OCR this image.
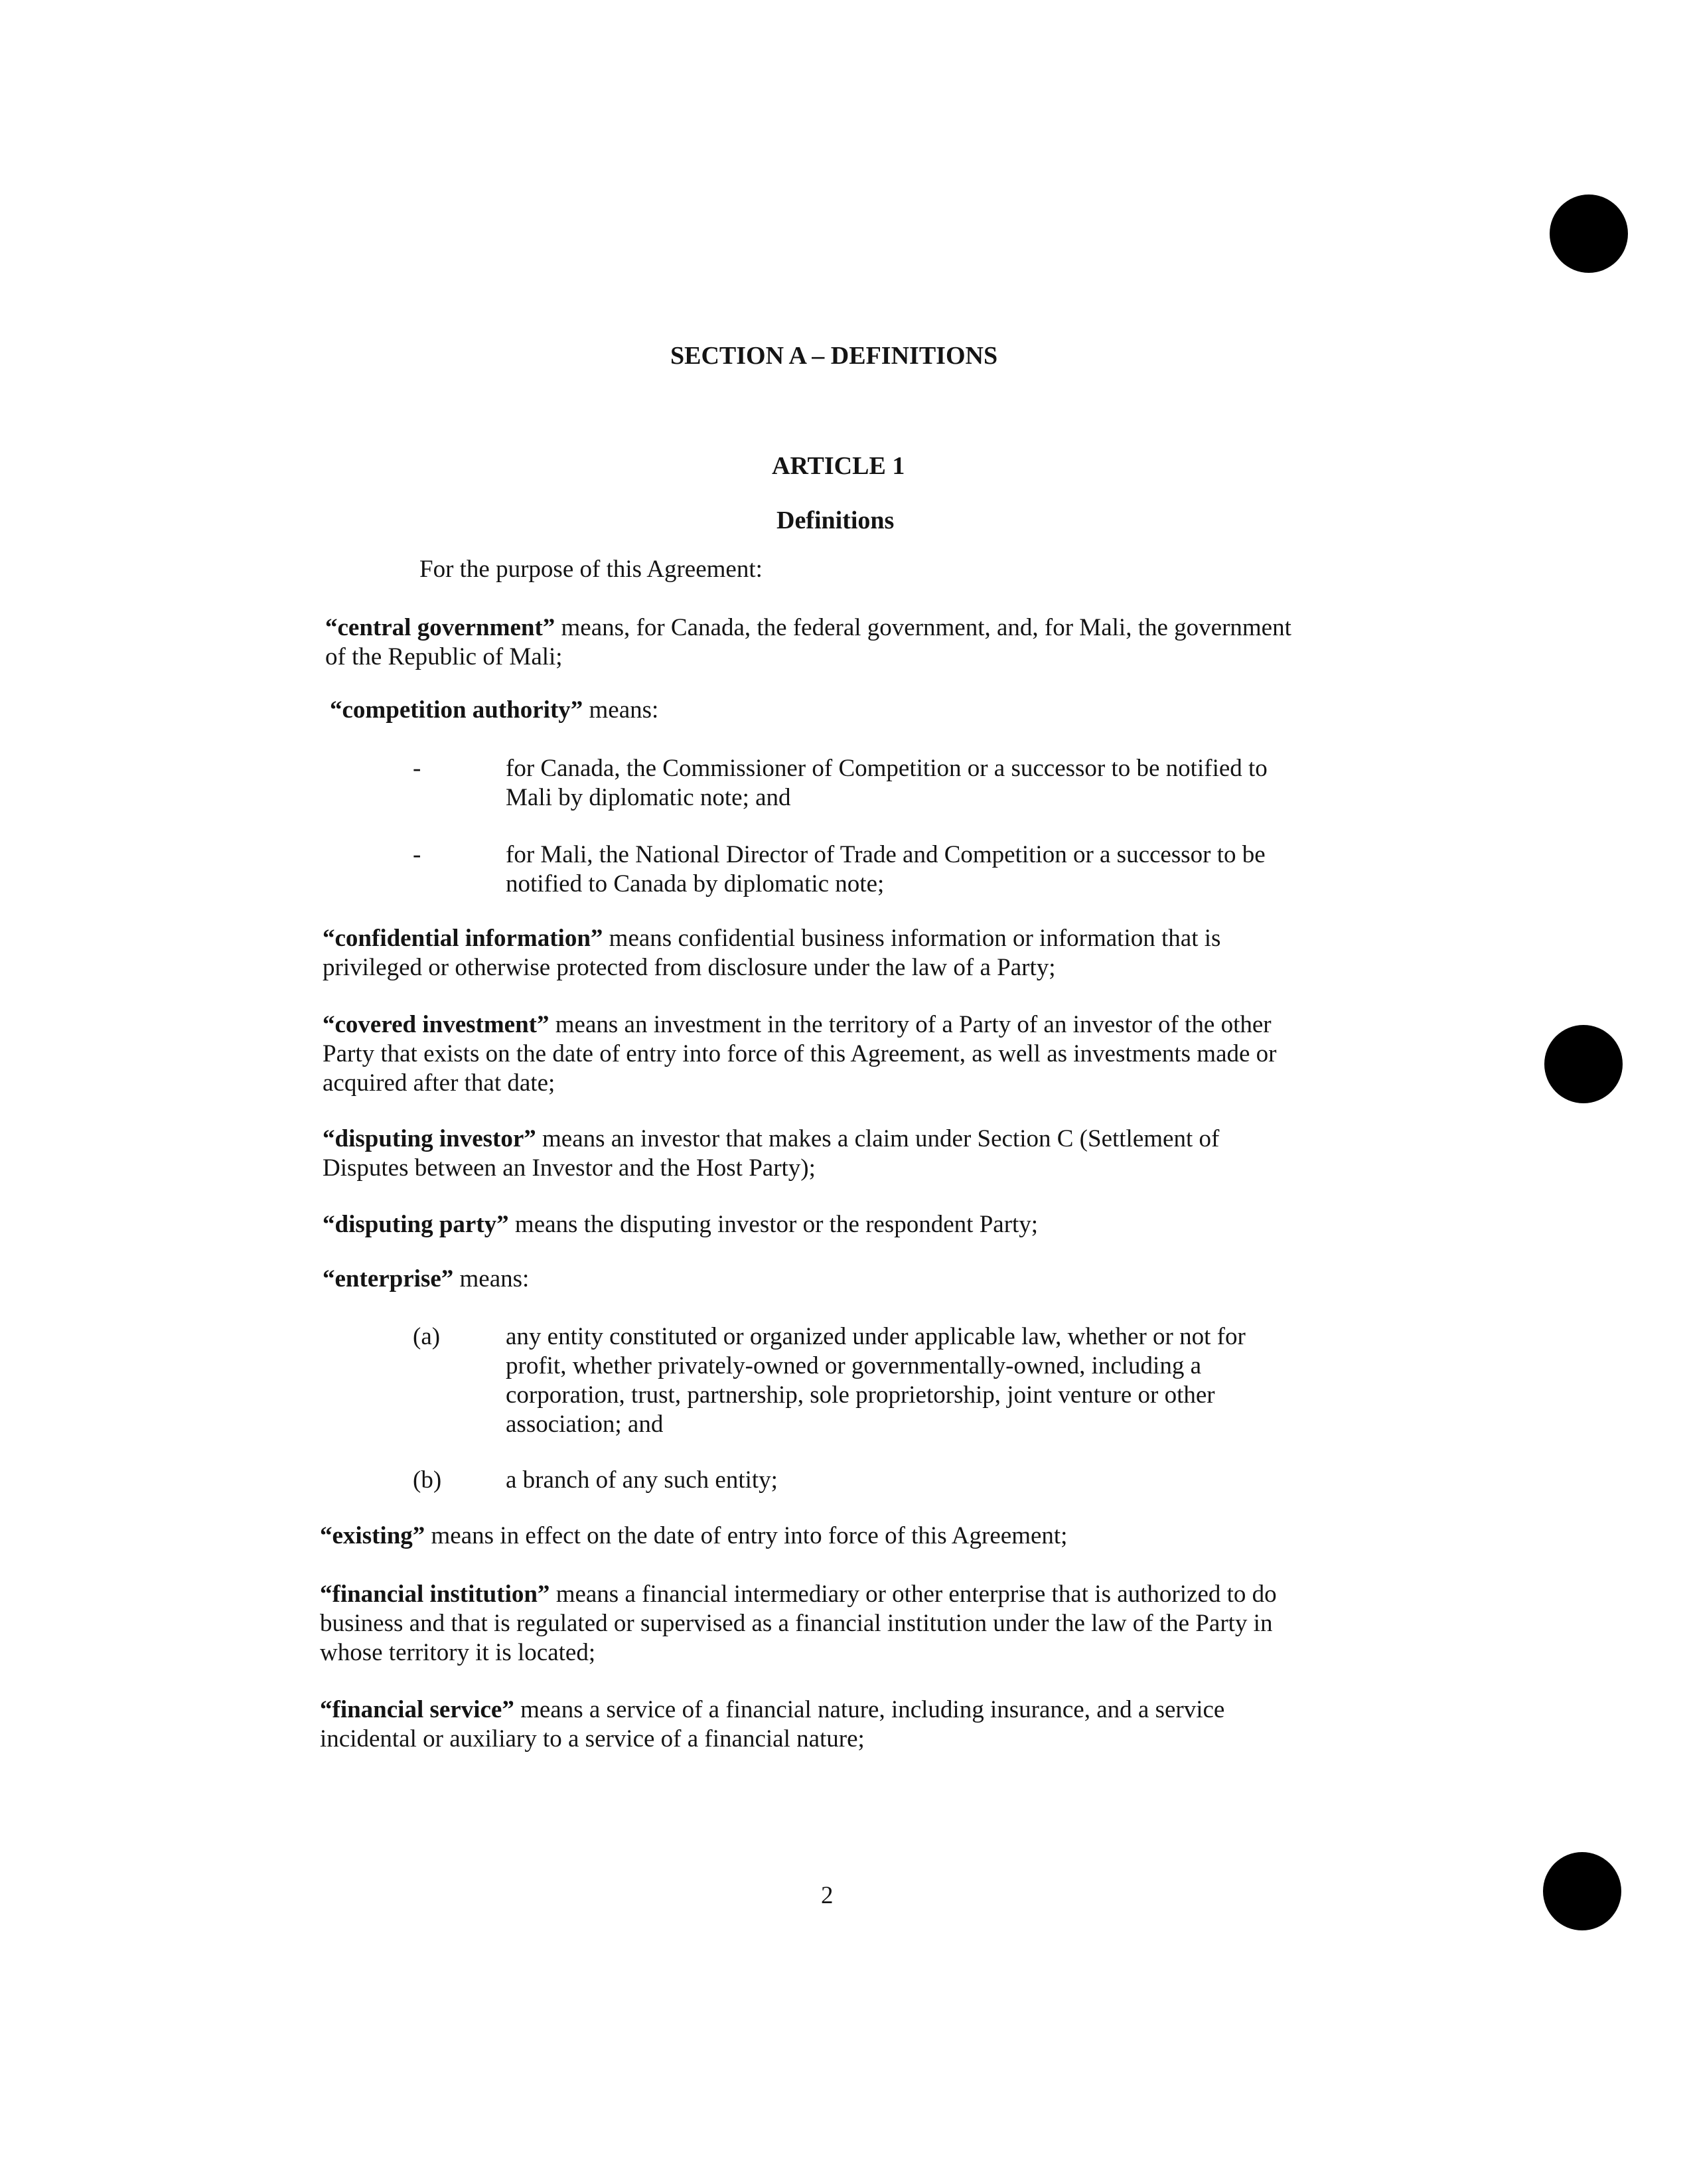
SECTION A – DEFINITIONS
ARTICLE 1
Definitions
For the purpose of this Agreement:
“central government” means, for Canada, the federal government, and, for Mali, the government
of the Republic of Mali;
“competition authority” means:
-	for Canada, the Commissioner of Competition or a successor to be notified to
Mali by diplomatic note; and
-	for Mali, the National Director of Trade and Competition or a successor to be
notified to Canada by diplomatic note;
“confidential information” means confidential business information or information that is
privileged or otherwise protected from disclosure under the law of a Party;
“covered investment” means an investment in the territory of a Party of an investor of the other
Party that exists on the date of entry into force of this Agreement, as well as investments made or
acquired after that date;
“disputing investor” means an investor that makes a claim under Section C (Settlement of
Disputes between an Investor and the Host Party);
“disputing party” means the disputing investor or the respondent Party;
“enterprise” means:
(a)	any entity constituted or organized under applicable law, whether or not for
profit, whether privately-owned or governmentally-owned, including a
corporation, trust, partnership, sole proprietorship, joint venture or other
association; and
(b)	a branch of any such entity;
“existing” means in effect on the date of entry into force of this Agreement;
“financial institution” means a financial intermediary or other enterprise that is authorized to do
business and that is regulated or supervised as a financial institution under the law of the Party in
whose territory it is located;
“financial service” means a service of a financial nature, including insurance, and a service
incidental or auxiliary to a service of a financial nature;
2
